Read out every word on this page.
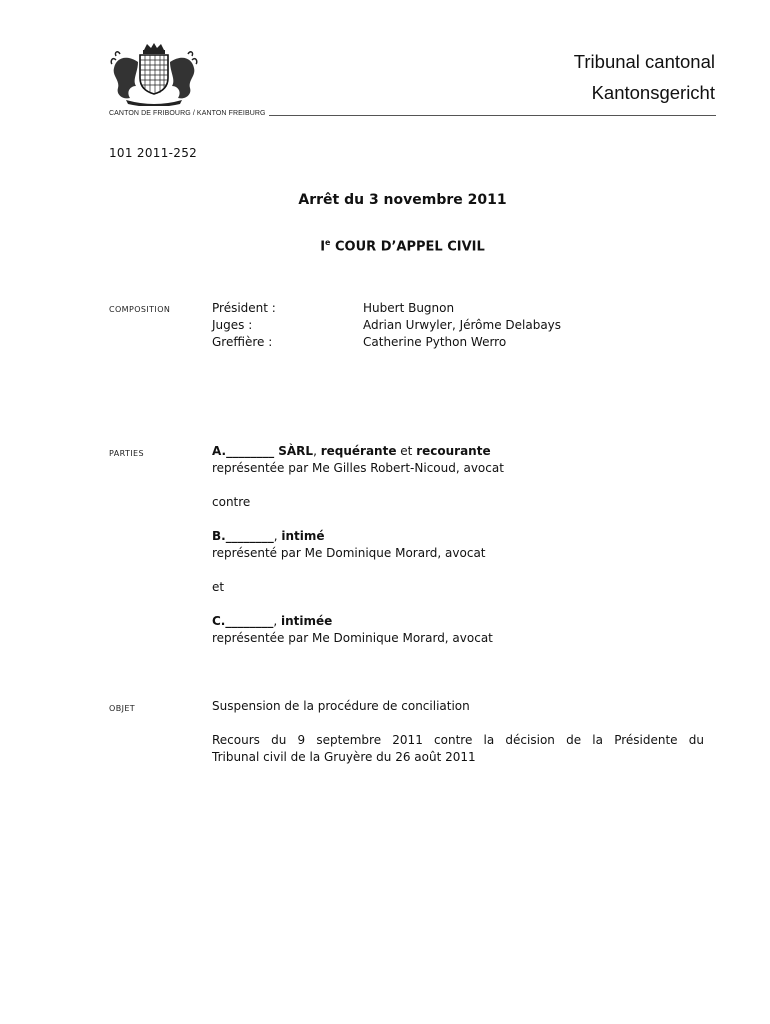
Tribunal cantonal
Kantonsgericht
CANTON DE FRIBOURG / KANTON FREIBURG
101 2011-252
Arrêt du 3 novembre 2011
Ie COUR D’APPEL CIVIL
COMPOSITION	Président :	Hubert Bugnon
Juges :	Adrian Urwyler, Jérôme Delabays
Greffière :	Catherine Python Werro
PARTIES	A.________ SÀRL, requérante et recourante
représentée par Me Gilles Robert-Nicoud, avocat
contre
B.________, intimé
représenté par Me Dominique Morard, avocat
et
C.________, intimée
représentée par Me Dominique Morard, avocat
OBJET	Suspension de la procédure de conciliation
Recours du 9 septembre 2011 contre la décision de la Présidente du
Tribunal civil de la Gruyère du 26 août 2011
